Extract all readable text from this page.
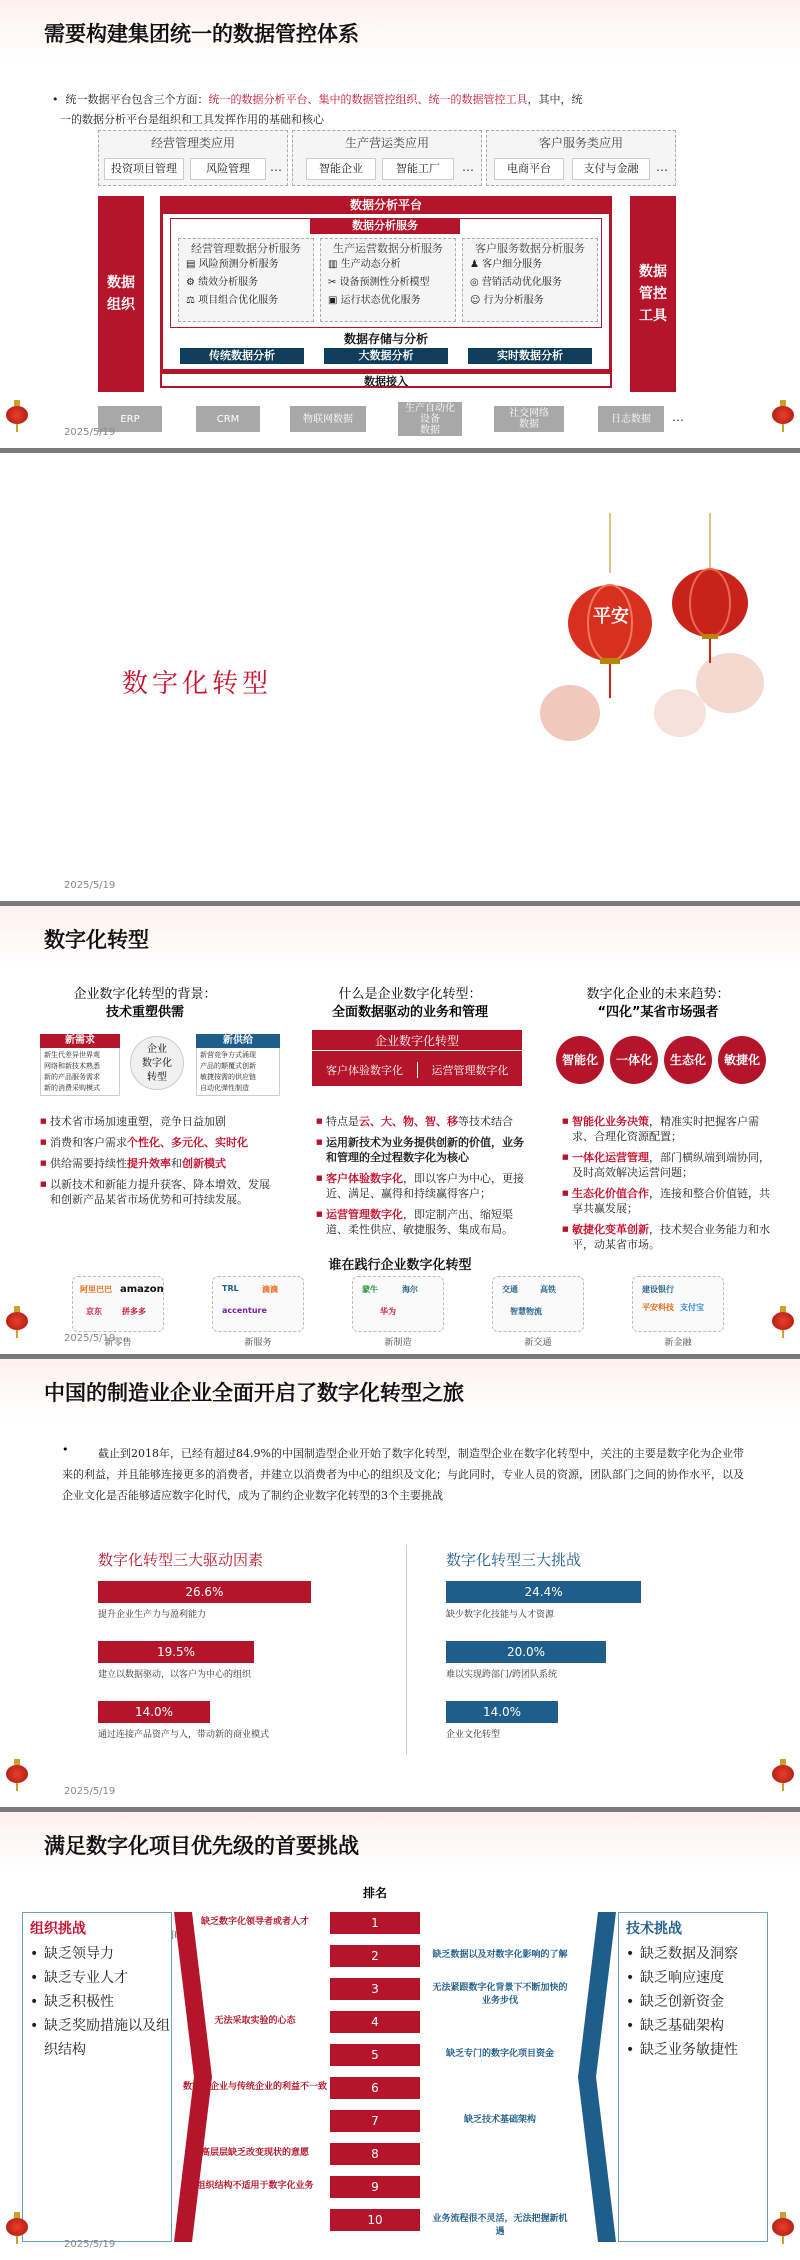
需要构建集团统一的数据管控体系
•  统一数据平台包含三个方面：统一的数据分析平台、集中的数据管控组织、统一的数据管控工具，其中，统
一的数据分析平台是组织和工具发挥作用的基础和核心
经营管理类应用	生产营运类应用	客户服务类应用
投资项目管理	风险管理	…	智能企业	智能工厂	…	电商平台	支付与金融	…
数据
组织
数据
管控
工具
数据分析平台
数据分析服务
经营管理数据分析服务	生产运营数据分析服务	客户服务数据分析服务
▤ 风险预测分析服务
⚙ 绩效分析服务
⚖ 项目组合优化服务
▥ 生产动态分析
✂ 设备预测性分析模型
▣ 运行状态优化服务
♟ 客户细分服务
◎ 营销活动优化服务
☺ 行为分析服务
数据存储与分析
传统数据分析	大数据分析	实时数据分析
数据接入
ERP	CRM	物联网数据
生产自动化
设备
数据
社交网络
数据	日志数据	…
2025/5/19
数字化转型
平安
2025/5/19
数字化转型
企业数字化转型的背景：
技术重塑供需
新需求
新生代差异世界观
网络和新技术熟悉
新的产品服务需求
新的消费采购模式
企业
数字化
转型
新供给
新营竞争方式涌现
产品的颠覆式创新
敏捷按需的供应链
自动化弹性制造
■ 技术省市场加速重塑，竞争日益加剧
■ 消费和客户需求个性化、多元化、实时化
■ 供给需要持续性提升效率和创新模式
■ 以新技术和新能力提升获客、降本增效、发展和创新产品某省市场优势和可持续发展。
什么是企业数字化转型：
全面数据驱动的业务和管理
企业数字化转型
客户体验数字化	运营管理数字化
■ 特点是云、大、物、智、移等技术结合
■ 运用新技术为业务提供创新的价值，业务和管理的全过程数字化为核心
■ 客户体验数字化，即以客户为中心，更接近、满足、赢得和持续赢得客户；
■ 运营管理数字化，即定制产出、缩短渠道、柔性供应、敏捷服务、集成布局。
数字化企业的未来趋势：
“四化”某省市场强者
智能化	一体化	生态化	敏捷化
■ 智能化业务决策，精准实时把握客户需求、合理化资源配置；
■ 一体化运营管理，部门横纵端到端协同，及时高效解决运营问题；
■ 生态化价值合作，连接和整合价值链，共享共赢发展；
■ 敏捷化变革创新，技术契合业务能力和水平，动某省市场。
谁在践行企业数字化转型
阿里巴巴 amazon
京东	拼多多
新零售
TRL	滴滴
accenture
新服务
蒙牛	海尔
华为
新制造
交通	高铁
智慧物流
新交通
建设银行
平安科技 支付宝
新金融
2025/5/19
中国的制造业企业全面开启了数字化转型之旅
•	截止到2018年，已经有超过84.9%的中国制造型企业开始了数字化转型，制造型企业在数字化转型中，关注的主要是数字化为企业带来的利益，并且能够连接更多的消费者，并建立以消费者为中心的组织及文化；与此同时，专业人员的资源，团队部门之间的协作水平，以及企业文化是否能够适应数字化时代，成为了制约企业数字化转型的3个主要挑战
数字化转型三大驱动因素	数字化转型三大挑战
26.6%
提升企业生产力与盈利能力
24.4%
缺少数字化技能与人才资源
19.5%
建立以数据驱动，以客户为中心的组织
20.0%
难以实现跨部门/跨团队系统
14.0%
通过连接产品资产与人，带动新的商业模式
14.0%
企业文化转型
2025/5/19
满足数字化项目优先级的首要挑战
排名
组织挑战
• 缺乏领导力
• 缺乏专业人才
• 缺乏积极性
• 缺乏奖励措施以及组织结构
技术挑战
• 缺乏数据及洞察
• 缺乏响应速度
• 缺乏创新资金
• 缺乏基础架构
• 缺乏业务敏捷性
1
缺乏数字化领导者或者人才
2	缺乏数据以及对数字化影响的了解
3	无法紧跟数字化背景下不断加快的业务步伐
4
无法采取实验的心态
5	缺乏专门的数字化项目资金
6
数字化企业与传统企业的利益不一致
7	缺乏技术基础架构
8
高层层缺乏改变现状的意愿
9
组织结构不适用于数字化业务
10	业务流程很不灵活，无法把握新机遇
2025/5/19
